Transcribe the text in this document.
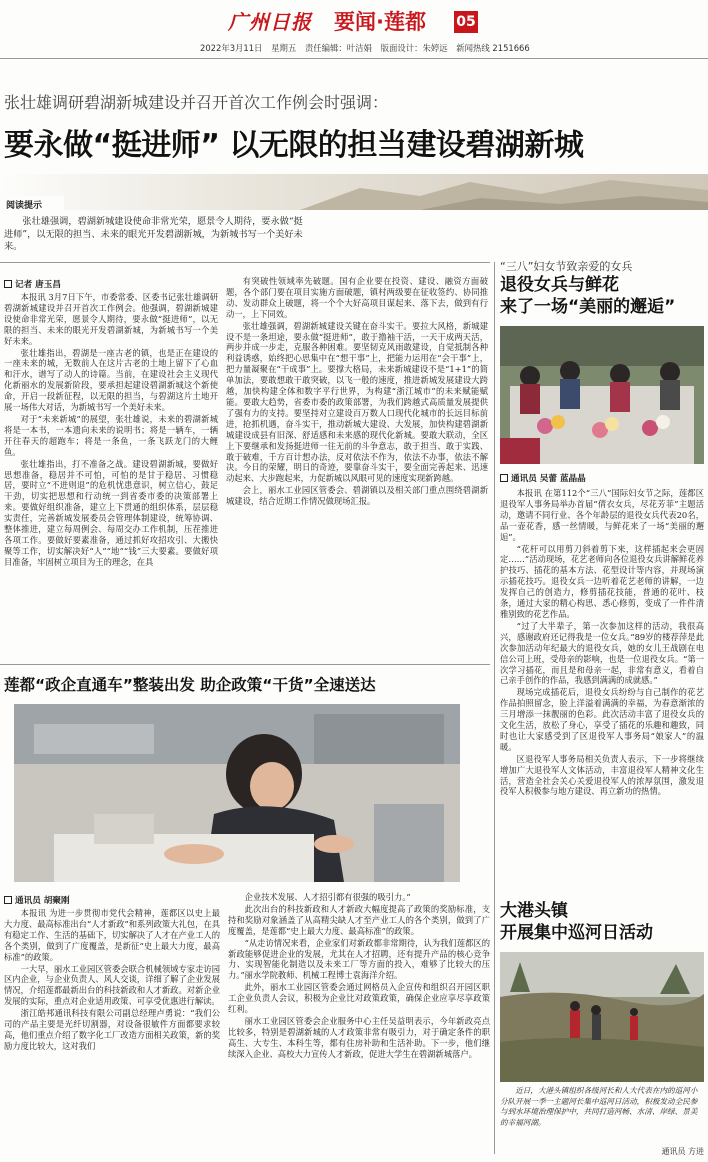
广州日报	要闻·莲都	05
2022年3月11日 星期五 责任编辑：叶洁娟 版面设计：朱婷远 新闻热线 2151666
张壮雄调研碧湖新城建设并召开首次工作例会时强调：
要永做“挺进师” 以无限的担当建设碧湖新城
阅读提示
张壮雄强调，碧湖新城建设使命非常光荣，愿景令人期待，要永做“挺进师”，以无限的担当、未来的眼光开发碧湖新城，为新城书写一个美好未来。
记者 唐玉昌

本报讯 3月7日下午，市委常委、区委书记张壮雄调研碧湖新城建设并召开首次工作例会。他强调，碧湖新城建设使命非常光荣，愿景令人期待，要永做“挺进师”，以无限的担当、未来的眼光开发碧湖新城，为新城书写一个美好未来。

张壮雄指出，碧湖是一座古老的镇，也是正在建设的一座未来的城，无数前人在这片古老的土地上留下了心血和汗水，谱写了动人的诗篇。当前，在建设社会主义现代化新丽水的发展新阶段，要承担起建设碧湖新城这个新使命，开启一段新征程，以无限的担当，与碧湖这片土地开展一场伟大对话，为新城书写一个美好未来。

对于“未来新城”的展望，张壮雄说，未来的碧湖新城将是一本书，一本遗向未来的说明书；将是一辆车，一辆开往春天的超跑车；将是一条鱼，一条飞跃龙门的大鲤鱼。

张壮雄指出，打不准备之战。建设碧湖新城，要做好思想准备，稳居并不可怕，可怕的是甘于稳居、习惯稳居，要时立“不进则退”的危机忧患意识，树立信心，鼓足干劲，切实把思想和行动统一到省委市委的决策部署上来。要做好组织准备，建立上下贯通的组织体系，层层稳实责任，完善新城发展委员会管理体制建设，统筹协调、整体推进，建立每周例会、每周交办工作机制，压茬推进各项工作。要做好要素准备，通过抓好攻招攻引、大搬快聚等工作，切实解决好“人”“地”“钱”三大要素。要做好项目准备，牢固树立项目为王的理念，在具

有突破性领域率先破题。国有企业要在投资、建设、融资方面破题，各个部门要在项目实施方面破题，镇村两级要在征收签约、协同推动、发动群众上破题，将一个个大好高项目谋起来、落下去，做到有行动一，上下同效。

张壮雄强调，碧湖新城建设关键在奋斗实干。要拉大风格，新城建设不是一条坦途，要永做“挺进师”，敢于撸袖干活，一天干成两天活，两步并成一步走，克服各种困难。要坚韧克风雨敢建设，自觉抵制各种利益诱惑，始终把心思集中在“想干事”上，把能力运用在“会干事”上，把力量凝聚在“干成事”上。要撑大格局，未来新城建设不是“1+1”的简单加法，要敢想敢干敢突破，以飞一般的速度，推进新城发展建设大跨越，加快构建全体和数字平行世界，为构建“浙江城市”的未来赋能赋能。要敢大趋势，省委市委的政策部署，为我们跨越式高质量发展提供了强有力的支持。要坚持对立建设百万数人口现代化城市的长远目标前进，抢抓机遇，奋斗实干，推动新城大建设、大发展，加快构建碧湖新城建设成县有旧深、舒适感和未来感的现代化新城。要敢大联动，全区上下要继承和发扬挺进师一往无前的斗争意志，敢于担当、敢于实践、敢于破难，千方百计想办法，反对依法不作为，依法不办事，依法不解决。今日的荣耀，明日的奇迹，要靠奋斗实干，要全面完善起来、迅速动起来、大步跑起来，力促新城以风眼可见的速度实现新跨越。

会上，丽水工业园区管委会、碧湖镇以及相关部门重点围绕碧湖新城建设，结合近期工作情况做现场汇报。

莲都“政企直通车”整装出发 助企政策“干货”全速送达
通讯员 胡聚刚

本报讯 为进一步贯彻市党代会精神，莲都区以史上最大力度、最高标准出台“人才新政”和系列政策大礼包，在具有稳定工作、生活的基础下，切实解决了人才在产业工人的各个类别，做到了广度覆盖，是新征“史上最大力度，最高标准”的政策。

一大早，丽水工业园区管委会联合机械领域专家走访园区内企业，与企业负责人、风人交谈，详细了解了企业发展情况，介绍莲都最新出台的科技新政和人才新政。对新企业发展的实际，重点对企业适用政策、可享受优惠进行解读。

浙江皓邦通讯科技有限公司副总经理卢勇说：“我们公司的产品主要是光纤切割器，对设备很敏件方面都要求较高，他们重点介绍了数字化工厂改造方面相关政策，新的奖励力度比较大，这对我们

企业技术发展、人才招引都有很强的吸引力。”

此次出台的科技新政和人才新政大幅度提高了政策的奖励标准，支持和奖励对象涵盖了从高精尖缺人才至产业工人的各个类别，做到了广度覆盖，是莲都“史上最大力度、最高标准”的政策。

“从走访情况来看，企业家们对新政都非常期待，认为我们莲都区的新政能够促进企业的发展，尤其在人才招聘，还有提升产品的核心竞争力、实现智能化制造以及未来工厂等方面的投入，难够了比较大的压力。”丽水学院教师、机械工程博士袁海洋介绍。

此外，丽水工业园区管委会通过网格员入企宣传和组织召开园区职工企业负责人会议，积极为企业比对政策政策，确保企业应享尽享政策红利。

丽水工业园区管委会企业服务中心主任吴益明表示，今年新政亮点比较多，特别是碧湖新城的人才政策非常有吸引力，对于确定条件的职高生、大专生、本科生等，都有住房补助和生活补助。下一步，他们继续深入企业、高校大力宣传人才新政，促进大学生在碧湖新城落户。

“三八”妇女节致亲爱的女兵
退役女兵与鲜花
来了一场“美丽的邂逅”
通讯员 吴蕾 蓝晶晶

本报讯 在第112个“三八”国际妇女节之际，莲都区退役军人事务局举办首届“倩衣女兵，尽花芳菲”主题活动，邀请不同行业、各个年龄层的退役女兵代表20名，品一壶花香，感一丝情暖，与鲜花来了一场“美丽的邂逅”。

“花杆可以用剪刀斜着剪下来，这样插起来会更固定……”活动现场，花艺老师向各位退役女兵讲解鲜花养护技巧、插花的基本方法、花型设计等内容，并现场演示插花技巧。退役女兵一边听着花艺老师的讲解，一边发挥自己的创造力，修剪插花技能，普通的花叶、枝条，通过大家的精心构思、悉心修剪，变成了一件件清雅别致的花艺作品。

“过了大半辈子，第一次参加这样的活动，我很高兴，感谢政府还记得我是一位女兵。”89岁的楼荐萍是此次参加活动年纪最大的退役女兵，她的女儿王战剧在电信公司上班，受母亲的影响，也是一位退役女兵。“第一次学习插花，而且是和母亲一起，非常有意义，看着自己亲手创作的作品，我感到满满的成就感。”

现场完成插花后，退役女兵纷纷与自己制作的花艺作品拍照留念，脸上洋溢着满满的幸福，为春意渐浓的三月增添一抹靓丽的色彩。此次活动丰富了退役女兵的文化生活，放松了身心，享受了插花的乐趣和趣致，同时也让大家感受到了区退役军人事务局“娘家人”的温暖。

区退役军人事务局相关负责人表示，下一步将继续增加广大退役军人文体活动，丰富退役军人精神文化生活，营造全社会关心关爱退役军人的浓厚氛围，激发退役军人积极参与地方建设、再立新功的热情。

大港头镇
开展集中巡河日活动
近日，大港头镇组织各级河长和人大代表在内的巡河小分队开展一季一主题河长集中巡河日活动，积极发动全民参与到水环境治理保护中，共同打造河畅、水清、岸绿、景美的幸福河湖。
通讯员 方进
